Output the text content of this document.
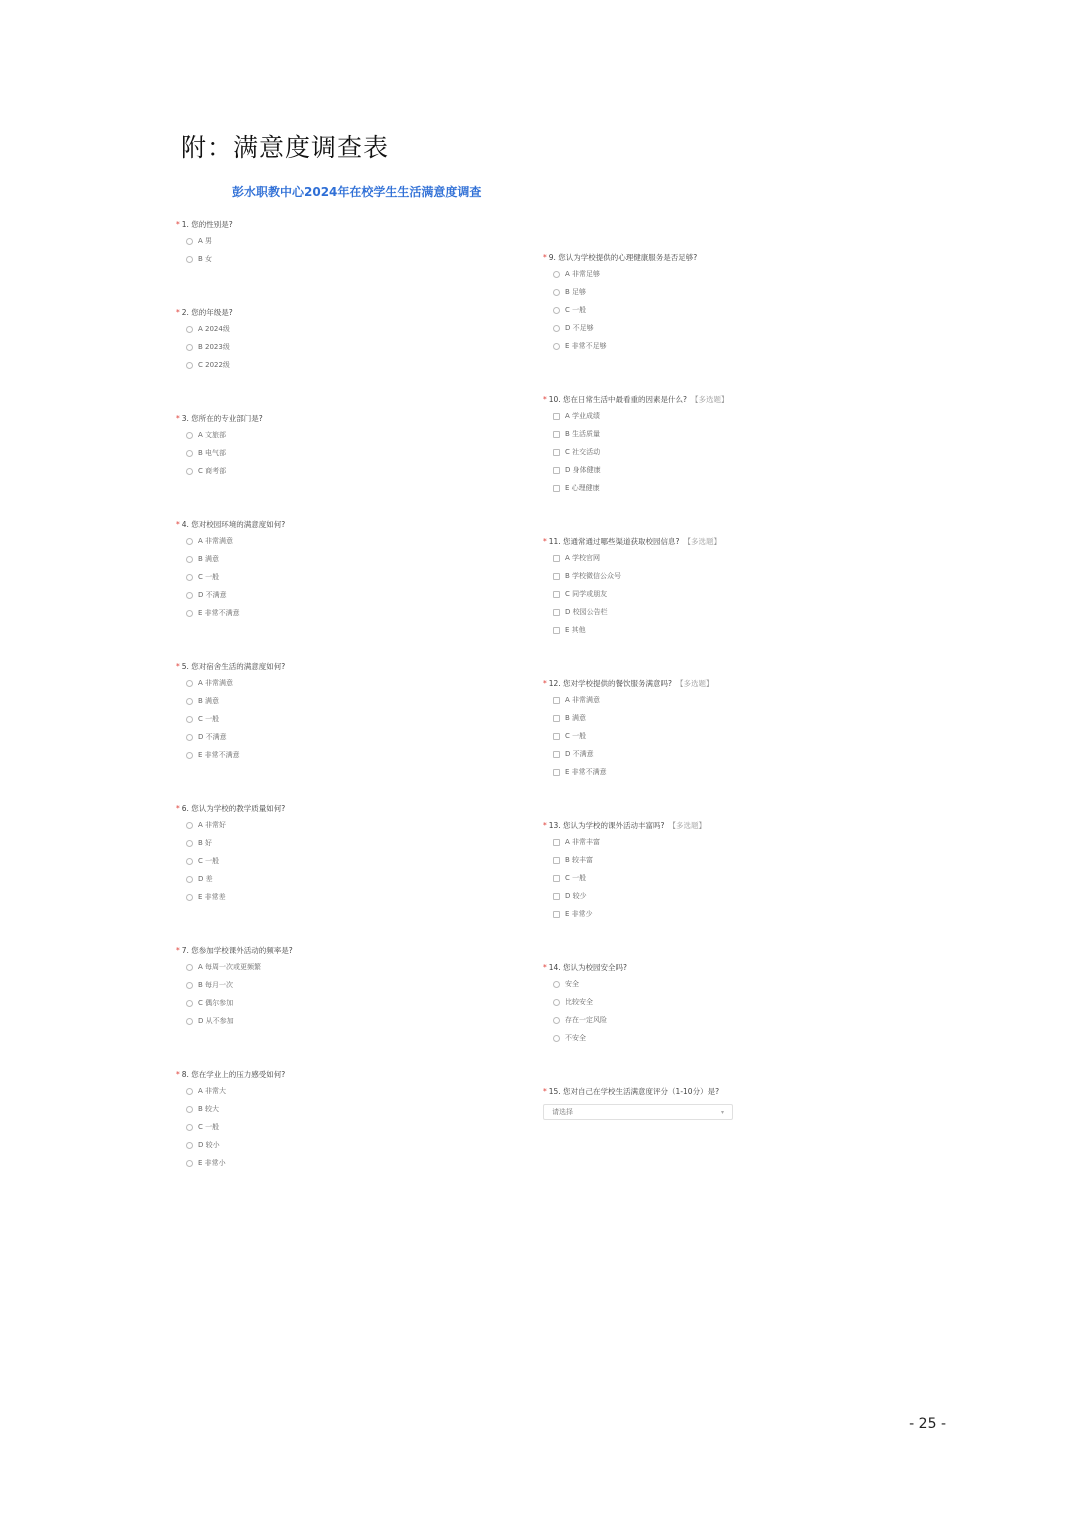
附：满意度调查表
彭水职教中心2024年在校学生生活满意度调查
* 1. 您的性别是?
A 男
B 女
* 2. 您的年级是?
A 2024级
B 2023级
C 2022级
* 3. 您所在的专业部门是?
A 文旅部
B 电气部
C 商考部
* 4. 您对校园环境的满意度如何?
A 非常满意
B 满意
C 一般
D 不满意
E 非常不满意
* 5. 您对宿舍生活的满意度如何?
A 非常满意
B 满意
C 一般
D 不满意
E 非常不满意
* 6. 您认为学校的教学质量如何?
A 非常好
B 好
C 一般
D 差
E 非常差
* 7. 您参加学校课外活动的频率是?
A 每周一次或更频繁
B 每月一次
C 偶尔参加
D 从不参加
* 8. 您在学业上的压力感受如何?
A 非常大
B 较大
C 一般
D 较小
E 非常小
* 9. 您认为学校提供的心理健康服务是否足够?
A 非常足够
B 足够
C 一般
D 不足够
E 非常不足够
* 10. 您在日常生活中最看重的因素是什么? 【多选题】
A 学业成绩
B 生活质量
C 社交活动
D 身体健康
E 心理健康
* 11. 您通常通过哪些渠道获取校园信息? 【多选题】
A 学校官网
B 学校微信公众号
C 同学或朋友
D 校园公告栏
E 其他
* 12. 您对学校提供的餐饮服务满意吗? 【多选题】
A 非常满意
B 满意
C 一般
D 不满意
E 非常不满意
* 13. 您认为学校的课外活动丰富吗? 【多选题】
A 非常丰富
B 较丰富
C 一般
D 较少
E 非常少
* 14. 您认为校园安全吗?
安全
比较安全
存在一定风险
不安全
* 15. 您对自己在学校生活满意度评分（1-10分）是?
请选择	▾
- 25 -
